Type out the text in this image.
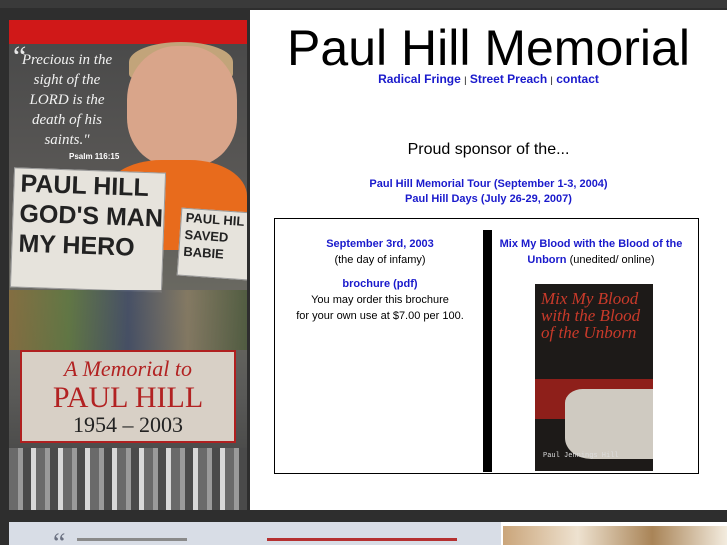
“
Precious in the sight of the LORD is the death of his saints."
Psalm 116:15
PAUL HILL
GOD'S MAN
MY HERO
PAUL HIL
SAVED
BABIE
A Memorial to
PAUL HILL
1954 – 2003
Paul Hill Memorial
Radical Fringe | Street Preach | contact
Proud sponsor of the...
Paul Hill Memorial Tour (September 1-3, 2004)
Paul Hill Days (July 26-29, 2007)
September 3rd, 2003
(the day of infamy)

brochure (pdf)
You may order this brochure
for your own use at $7.00 per 100.
Mix My Blood with the Blood of the Unborn (unedited/ online)
Mix My Blood with the Blood of the Unborn
Paul Jennings Hill
“
